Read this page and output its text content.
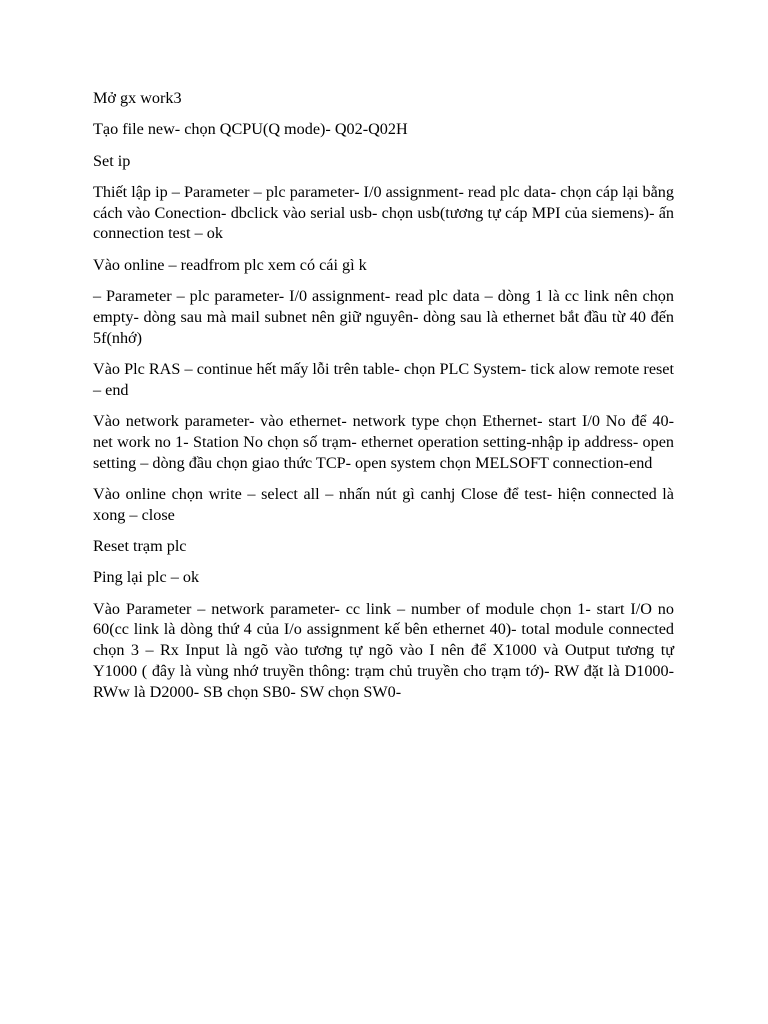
Mở gx work3

Tạo file new- chọn QCPU(Q mode)- Q02-Q02H

Set ip

Thiết lập ip – Parameter – plc parameter- I/0 assignment- read plc data- chọn cáp lại bằng cách vào Conection- dbclick vào serial usb- chọn usb(tương tự cáp MPI của siemens)- ấn connection test – ok

Vào online – readfrom plc xem có cái gì k

– Parameter – plc parameter- I/0 assignment- read plc data – dòng 1 là cc link nên chọn empty- dòng sau mà mail subnet nên giữ nguyên- dòng sau là ethernet bắt đầu từ 40 đến 5f(nhớ)

Vào Plc RAS – continue hết mấy lỗi trên table- chọn PLC System- tick alow remote reset – end

Vào network parameter- vào ethernet- network type chọn Ethernet- start I/0 No để 40- net work no 1- Station No chọn số trạm- ethernet operation setting-nhập ip address- open setting – dòng đầu chọn giao thức TCP- open system chọn MELSOFT connection-end

Vào online chọn write – select all – nhấn nút gì canhj Close để test- hiện connected là xong – close

Reset trạm plc

Ping lại plc – ok

Vào Parameter – network parameter- cc link – number of module chọn 1- start I/O no 60(cc link là dòng thứ 4 của I/o assignment kế bên ethernet 40)- total module connected chọn 3 – Rx Input là ngõ vào tương tự ngõ vào I nên để X1000 và Output tương tự Y1000 ( đây là vùng nhớ truyền thông: trạm chủ truyền cho trạm tớ)- RW đặt là D1000-RWw là D2000- SB chọn SB0- SW chọn SW0-
